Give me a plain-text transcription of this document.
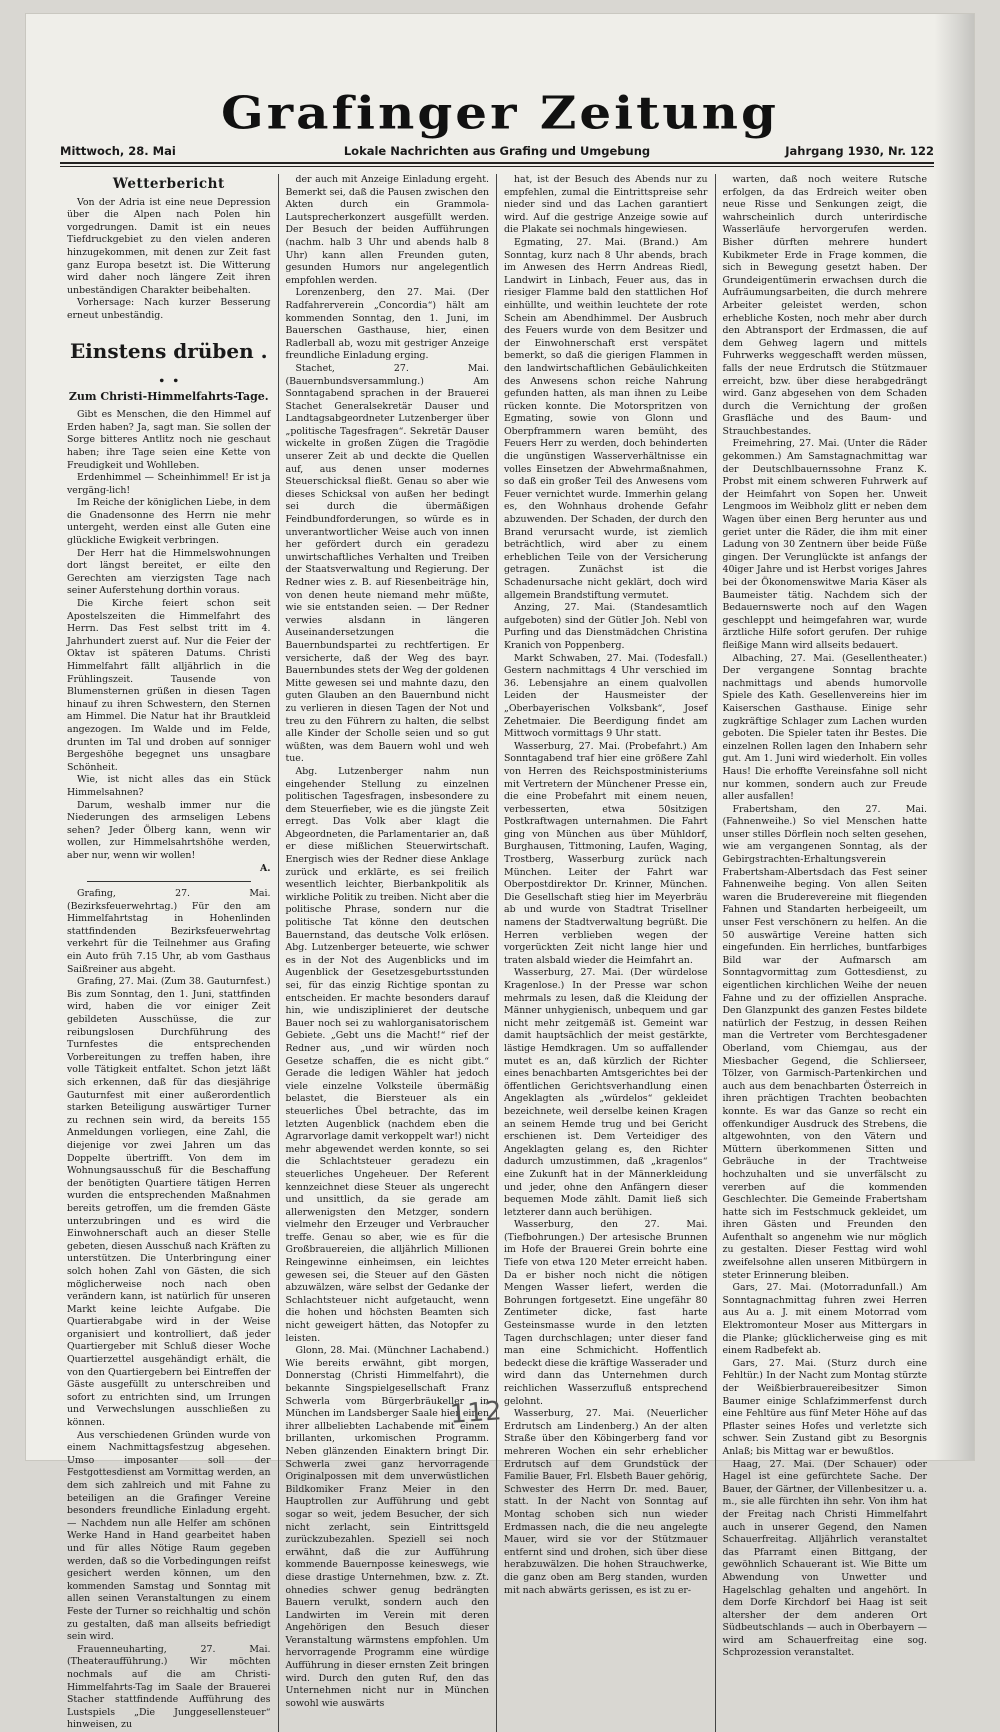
Grafinger Zeitung
Mittwoch, 28. Mai	Lokale Nachrichten aus Grafing und Umgebung	Jahrgang 1930, Nr. 122
Wetterbericht

Von der Adria ist eine neue Depression über die Alpen nach Polen hin vorgedrungen. Damit ist ein neues Tiefdruckgebiet zu den vielen anderen hinzugekommen, mit denen zur Zeit fast ganz Europa besetzt ist. Die Witterung wird daher noch längere Zeit ihren unbeständigen Charakter beibehalten.

Vorhersage: Nach kurzer Besserung erneut unbeständig.

Einstens drüben . . .
Zum Christi-Himmelfahrts-Tage.

Gibt es Menschen, die den Himmel auf Erden haben? Ja, sagt man. Sie sollen der Sorge bitteres Antlitz noch nie geschaut haben; ihre Tage seien eine Kette von Freudigkeit und Wohlleben.

Erdenhimmel — Scheinhimmel! Er ist ja vergäng-lich!

Im Reiche der königlichen Liebe, in dem die Gnadensonne des Herrn nie mehr untergeht, werden einst alle Guten eine glückliche Ewigkeit verbringen.

Der Herr hat die Himmelswohnungen dort längst bereitet, er eilte den Gerechten am vierzigsten Tage nach seiner Auferstehung dorthin voraus.

Die Kirche feiert schon seit Apostelszeiten die Himmelfahrt des Herrn. Das Fest selbst tritt im 4. Jahrhundert zuerst auf. Nur die Feier der Oktav ist späteren Datums. Christi Himmelfahrt fällt alljährlich in die Frühlingszeit. Tausende von Blumensternen grüßen in diesen Tagen hinauf zu ihren Schwestern, den Sternen am Himmel. Die Natur hat ihr Brautkleid angezogen. Im Walde und im Felde, drunten im Tal und droben auf sonniger Bergeshöhe begegnet uns unsagbare Schönheit.

Wie, ist nicht alles das ein Stück Himmelsahnen?

Darum, weshalb immer nur die Niederungen des armseligen Lebens sehen? Jeder Ölberg kann, wenn wir wollen, zur Himmelsahrtshöhe werden, aber nur, wenn wir wollen!

A.

Grafing, 27. Mai. (Bezirksfeuerwehrtag.) Für den am Himmelfahrtstag in Hohenlinden stattfindenden Bezirksfeuerwehrtag verkehrt für die Teilnehmer aus Grafing ein Auto früh 7.15 Uhr, ab vom Gasthaus Saißreiner aus abgeht.

Grafing, 27. Mai. (Zum 38. Gauturnfest.) Bis zum Sonntag, den 1. Juni, stattfinden wird, haben die vor einiger Zeit gebildeten Ausschüsse, die zur reibungslosen Durchführung des Turnfestes die entsprechenden Vorbereitungen zu treffen haben, ihre volle Tätigkeit entfaltet. Schon jetzt läßt sich erkennen, daß für das diesjährige Gauturnfest mit einer außerordentlich starken Beteiligung auswärtiger Turner zu rechnen sein wird, da bereits 155 Anmeldungen vorliegen, eine Zahl, die diejenige vor zwei Jahren um das Doppelte übertrifft. Von dem im Wohnungsausschuß für die Beschaffung der benötigten Quartiere tätigen Herren wurden die entsprechenden Maßnahmen bereits getroffen, um die fremden Gäste unterzubringen und es wird die Einwohnerschaft auch an dieser Stelle gebeten, diesen Ausschuß nach Kräften zu unterstützen. Die Unterbringung einer solch hohen Zahl von Gästen, die sich möglicherweise noch nach oben verändern kann, ist natürlich für unseren Markt keine leichte Aufgabe. Die Quartierabgabe wird in der Weise organisiert und kontrolliert, daß jeder Quartiergeber mit Schluß dieser Woche Quartierzettel ausgehändigt erhält, die von den Quartiergebern bei Eintreffen der Gäste ausgefüllt zu unterschreiben und sofort zu entrichten sind, um Irrungen und Verwechslungen ausschließen zu können.

Aus verschiedenen Gründen wurde von einem Nachmittagsfestzug abgesehen. Umso imposanter soll der Festgottesdienst am Vormittag werden, an dem sich zahlreich und mit Fahne zu beteiligen an die Grafinger Vereine besonders freundliche Einladung ergeht. — Nachdem nun alle Helfer am schönen Werke Hand in Hand gearbeitet haben und für alles Nötige Raum gegeben werden, daß so die Vorbedingungen reifst gesichert werden können, um den kommenden Samstag und Sonntag mit allen seinen Veranstaltungen zu einem Feste der Turner so reichhaltig und schön zu gestalten, daß man allseits befriedigt sein wird.

Frauenneuharting, 27. Mai. (Theateraufführung.) Wir möchten nochmals auf die am Christi-Himmelfahrts-Tag im Saale der Brauerei Stacher stattfindende Aufführung des Lustspiels „Die Junggesellensteuer“ hinweisen, zu

der auch mit Anzeige Einladung ergeht. Bemerkt sei, daß die Pausen zwischen den Akten durch ein Grammola-Lautsprecherkonzert ausgefüllt werden. Der Besuch der beiden Aufführungen (nachm. halb 3 Uhr und abends halb 8 Uhr) kann allen Freunden guten, gesunden Humors nur angelegentlich empfohlen werden.

Lorenzenberg, den 27. Mai. (Der Radfahrerverein „Concordia“) hält am kommenden Sonntag, den 1. Juni, im Bauerschen Gasthause, hier, einen Radlerball ab, wozu mit gestriger Anzeige freundliche Einladung erging.

Stachet, 27. Mai. (Bauernbundsversammlung.) Am Sonntagabend sprachen in der Brauerei Stachet Generalsekretär Dauser und Landtagsabgeordneter Lutzenberger über „politische Tagesfragen“. Sekretär Dauser wickelte in großen Zügen die Tragödie unserer Zeit ab und deckte die Quellen auf, aus denen unser modernes Steuerschicksal fließt. Genau so aber wie dieses Schicksal von außen her bedingt sei durch die übermäßigen Feindbundforderungen, so würde es in unverantwortlicher Weise auch von innen her gefördert durch ein geradezu unwirtschaftliches Verhalten und Treiben der Staatsverwaltung und Regierung. Der Redner wies z. B. auf Riesenbeiträge hin, von denen heute niemand mehr müßte, wie sie entstanden seien. — Der Redner verwies alsdann in längeren Auseinandersetzungen die Bauernbundspartei zu rechtfertigen. Er versicherte, daß der Weg des bayr. Bauernbundes stets der Weg der goldenen Mitte gewesen sei und mahnte dazu, den guten Glauben an den Bauernbund nicht zu verlieren in diesen Tagen der Not und treu zu den Führern zu halten, die selbst alle Kinder der Scholle seien und so gut wüßten, was dem Bauern wohl und weh tue.

Abg. Lutzenberger nahm nun eingehender Stellung zu einzelnen politischen Tagesfragen, insbesondere zu dem Steuerfieber, wie es die jüngste Zeit erregt. Das Volk aber klagt die Abgeordneten, die Parlamentarier an, daß er diese mißlichen Steuerwirtschaft. Energisch wies der Redner diese Anklage zurück und erklärte, es sei freilich wesentlich leichter, Bierbankpolitik als wirkliche Politik zu treiben. Nicht aber die politische Phrase, sondern nur die politische Tat könne den deutschen Bauernstand, das deutsche Volk erlösen. Abg. Lutzenberger beteuerte, wie schwer es in der Not des Augenblicks und im Augenblick der Gesetzesgeburtsstunden sei, für das einzig Richtige spontan zu entscheiden. Er machte besonders darauf hin, wie undisziplinieret der deutsche Bauer noch sei zu wahlorganisatorischem Gebiete. „Gebt uns die Macht!“ rief der Redner aus, „und wir würden noch Gesetze schaffen, die es nicht gibt.“ Gerade die ledigen Wähler hat jedoch viele einzelne Volksteile übermäßig belastet, die Biersteuer als ein steuerliches Übel betrachte, das im letzten Augenblick (nachdem eben die Agrarvorlage damit verkoppelt war!) nicht mehr abgewendet werden konnte, so sei die Schlachtsteuer geradezu ein steuerliches Ungeheuer. Der Referent kennzeichnet diese Steuer als ungerecht und unsittlich, da sie gerade am allerwenigsten den Metzger, sondern vielmehr den Erzeuger und Verbraucher treffe. Genau so aber, wie es für die Großbrauereien, die alljährlich Millionen Reingewinne einheimsen, ein leichtes gewesen sei, die Steuer auf den Gästen abzuwälzen, wäre selbst der Gedanke der Schlachtsteuer nicht aufgetaucht, wenn die hohen und höchsten Beamten sich nicht geweigert hätten, das Notopfer zu leisten.

Glonn, 28. Mai. (Münchner Lachabend.) Wie bereits erwähnt, gibt morgen, Donnerstag (Christi Himmelfahrt), die bekannte Singspielgesellschaft Franz Schwerla vom Bürgerbräukeller in München im Landsberger Saale hier einen ihrer allbeliebten Lachabende mit einem brillanten, urkomischen Programm. Neben glänzenden Einaktern bringt Dir. Schwerla zwei ganz hervorragende Originalpossen mit dem unverwüstlichen Bildkomiker Franz Meier in den Hauptrollen zur Aufführung und gebt sogar so weit, jedem Besucher, der sich nicht zerlacht, sein Eintrittsgeld zurückzubezahlen. Speziell sei noch erwähnt, daß die zur Aufführung kommende Bauernposse keineswegs, wie diese drastige Unternehmen, bzw. z. Zt. ohnedies schwer genug bedrängten Bauern verulkt, sondern auch den Landwirten im Verein mit deren Angehörigen den Besuch dieser Veranstaltung wärmstens empfohlen. Um hervorragende Programm eine würdige Aufführung in dieser ernsten Zeit bringen wird. Durch den guten Ruf, den das Unternehmen nicht nur in München sowohl wie auswärts

hat, ist der Besuch des Abends nur zu empfehlen, zumal die Eintrittspreise sehr nieder sind und das Lachen garantiert wird. Auf die gestrige Anzeige sowie auf die Plakate sei nochmals hingewiesen.

Egmating, 27. Mai. (Brand.) Am Sonntag, kurz nach 8 Uhr abends, brach im Anwesen des Herrn Andreas Riedl, Landwirt in Linbach, Feuer aus, das in riesiger Flamme bald den stattlichen Hof einhüllte, und weithin leuchtete der rote Schein am Abendhimmel. Der Ausbruch des Feuers wurde von dem Besitzer und der Einwohnerschaft erst verspätet bemerkt, so daß die gierigen Flammen in den landwirtschaftlichen Gebäulichkeiten des Anwesens schon reiche Nahrung gefunden hatten, als man ihnen zu Leibe rücken konnte. Die Motorspritzen von Egmating, sowie von Glonn und Oberpframmern waren bemüht, des Feuers Herr zu werden, doch behinderten die ungünstigen Wasserverhältnisse ein volles Einsetzen der Abwehrmaßnahmen, so daß ein großer Teil des Anwesens vom Feuer vernichtet wurde. Immerhin gelang es, den Wohnhaus drohende Gefahr abzuwenden. Der Schaden, der durch den Brand verursacht wurde, ist ziemlich beträchtlich, wird aber zu einem erheblichen Teile von der Versicherung getragen. Zunächst ist die Schadenursache nicht geklärt, doch wird allgemein Brandstiftung vermutet.

Anzing, 27. Mai. (Standesamtlich aufgeboten) sind der Gütler Joh. Nebl von Purfing und das Dienstmädchen Christina Kranich von Poppenberg.

Markt Schwaben, 27. Mai. (Todesfall.) Gestern nachmittags 4 Uhr verschied im 36. Lebensjahre an einem qualvollen Leiden der Hausmeister der „Oberbayerischen Volksbank“, Josef Zehetmaier. Die Beerdigung findet am Mittwoch vormittags 9 Uhr statt.

Wasserburg, 27. Mai. (Probefahrt.) Am Sonntagabend traf hier eine größere Zahl von Herren des Reichspostministeriums mit Vertretern der Münchener Presse ein, die eine Probefahrt mit einem neuen, verbesserten, etwa 50sitzigen Postkraftwagen unternahmen. Die Fahrt ging von München aus über Mühldorf, Burghausen, Tittmoning, Laufen, Waging, Trostberg, Wasserburg zurück nach München. Leiter der Fahrt war Oberpostdirektor Dr. Krinner, München. Die Gesellschaft stieg hier im Meyerbräu ab und wurde von Stadtrat Trisellner namens der Stadtverwaltung begrüßt. Die Herren verblieben wegen der vorgerückten Zeit nicht lange hier und traten alsbald wieder die Heimfahrt an.

Wasserburg, 27. Mai. (Der würdelose Kragenlose.) In der Presse war schon mehrmals zu lesen, daß die Kleidung der Männer unhygienisch, unbequem und gar nicht mehr zeitgemäß ist. Gemeint war damit hauptsächlich der meist gestärkte, lästige Hemdkragen. Um so auffallender mutet es an, daß kürzlich der Richter eines benachbarten Amtsgerichtes bei der öffentlichen Gerichtsverhandlung einen Angeklagten als „würdelos“ gekleidet bezeichnete, weil derselbe keinen Kragen an seinem Hemde trug und bei Gericht erschienen ist. Dem Verteidiger des Angeklagten gelang es, den Richter dadurch umzustimmen, daß „kragenlos“ eine Zukunft hat in der Männerkleidung und jeder, ohne den Anfängern dieser bequemen Mode zählt. Damit ließ sich letzterer dann auch berühigen.

Wasserburg, den 27. Mai. (Tiefbohrungen.) Der artesische Brunnen im Hofe der Brauerei Grein bohrte eine Tiefe von etwa 120 Meter erreicht haben. Da er bisher noch nicht die nötigen Mengen Wasser liefert, werden die Bohrungen fortgesetzt. Eine ungefähr 80 Zentimeter dicke, fast harte Gesteinsmasse wurde in den letzten Tagen durchschlagen; unter dieser fand man eine Schmichicht. Hoffentlich bedeckt diese die kräftige Wasserader und wird dann das Unternehmen durch reichlichen Wasserzufluß entsprechend gelohnt.

Wasserburg, 27. Mai. (Neuerlicher Erdrutsch am Lindenberg.) An der alten Straße über den Köbingerberg fand vor mehreren Wochen ein sehr erheblicher Erdrutsch auf dem Grundstück der Familie Bauer, Frl. Elsbeth Bauer gehörig, Schwester des Herrn Dr. med. Bauer, statt. In der Nacht von Sonntag auf Montag schoben sich nun wieder Erdmassen nach, die die neu angelegte Mauer, wird sie vor der Stützmauer entfernt sind und drohen, sich über diese herabzuwälzen. Die hohen Strauchwerke, die ganz oben am Berg standen, wurden mit nach abwärts gerissen, es ist zu er-

warten, daß noch weitere Rutsche erfolgen, da das Erdreich weiter oben neue Risse und Senkungen zeigt, die wahrscheinlich durch unterirdische Wasserläufe hervorgerufen werden. Bisher dürften mehrere hundert Kubikmeter Erde in Frage kommen, die sich in Bewegung gesetzt haben. Der Grundeigentümerin erwachsen durch die Aufräumungsarbeiten, die durch mehrere Arbeiter geleistet werden, schon erhebliche Kosten, noch mehr aber durch den Abtransport der Erdmassen, die auf dem Gehweg lagern und mittels Fuhrwerks weggeschafft werden müssen, falls der neue Erdrutsch die Stützmauer erreicht, bzw. über diese herabgedrängt wird. Ganz abgesehen von dem Schaden durch die Vernichtung der großen Grasfläche und des Baum- und Strauchbestandes.

Freimehring, 27. Mai. (Unter die Räder gekommen.) Am Samstagnachmittag war der Deutschlbauernssohne Franz K. Probst mit einem schweren Fuhrwerk auf der Heimfahrt von Sopen her. Unweit Lengmoos im Weibholz glitt er neben dem Wagen über einen Berg herunter aus und geriet unter die Räder, die ihm mit einer Ladung von 30 Zentnern über beide Füße gingen. Der Verunglückte ist anfangs der 40iger Jahre und ist Herbst voriges Jahres bei der Ökonomenswitwe Maria Käser als Baumeister tätig. Nachdem sich der Bedauernswerte noch auf den Wagen geschleppt und heimgefahren war, wurde ärztliche Hilfe sofort gerufen. Der ruhige fleißige Mann wird allseits bedauert.

Albaching, 27. Mai. (Gesellentheater.) Der vergangene Sonntag brachte nachmittags und abends humorvolle Spiele des Kath. Gesellenvereins hier im Kaiserschen Gasthause. Einige sehr zugkräftige Schlager zum Lachen wurden geboten. Die Spieler taten ihr Bestes. Die einzelnen Rollen lagen den Inhabern sehr gut. Am 1. Juni wird wiederholt. Ein volles Haus! Die erhoffte Vereinsfahne soll nicht nur kommen, sondern auch zur Freude aller ausfallen!

Frabertsham, den 27. Mai. (Fahnenweihe.) So viel Menschen hatte unser stilles Dörflein noch selten gesehen, wie am vergangenen Sonntag, als der Gebirgstrachten-Erhaltungsverein Frabertsham-Albertsdach das Fest seiner Fahnenweihe beging. Von allen Seiten waren die Bruderevereine mit fliegenden Fahnen und Standarten herbeigeeilt, um unser Fest verschönern zu helfen. An die 50 auswärtige Vereine hatten sich eingefunden. Ein herrliches, buntfarbiges Bild war der Aufmarsch am Sonntagvormittag zum Gottesdienst, zu eigentlichen kirchlichen Weihe der neuen Fahne und zu der offiziellen Ansprache. Den Glanzpunkt des ganzen Festes bildete natürlich der Festzug, in dessen Reihen man die Vertreter vom Berchtesgadener Oberland, vom Chiemgau, aus der Miesbacher Gegend, die Schlierseer, Tölzer, von Garmisch-Partenkirchen und auch aus dem benachbarten Österreich in ihren prächtigen Trachten beobachten konnte. Es war das Ganze so recht ein offenkundiger Ausdruck des Strebens, die altgewohnten, von den Vätern und Müttern überkommenen Sitten und Gebräuche in der Trachtweise hochzuhalten und sie unverfälscht zu vererben auf die kommenden Geschlechter. Die Gemeinde Frabertsham hatte sich im Festschmuck gekleidet, um ihren Gästen und Freunden den Aufenthalt so angenehm wie nur möglich zu gestalten. Dieser Festtag wird wohl zweifelsohne allen unseren Mitbürgern in steter Erinnerung bleiben.

Gars, 27. Mai. (Motorradunfall.) Am Sonntagnachmittag fuhren zwei Herren aus Au a. J. mit einem Motorrad vom Elektromonteur Moser aus Mittergars in die Planke; glücklicherweise ging es mit einem Radbefekt ab.

Gars, 27. Mai. (Sturz durch eine Fehltür.) In der Nacht zum Montag stürzte der Weißbierbrauereibesitzer Simon Baumer einige Schlafzimmerfenst durch eine Fehltüre aus fünf Meter Höhe auf das Pflaster seines Hofes und verletzte sich schwer. Sein Zustand gibt zu Besorgnis Anlaß; bis Mittag war er bewußtlos.

Haag, 27. Mai. (Der Schauer) oder Hagel ist eine gefürchtete Sache. Der Bauer, der Gärtner, der Villenbesitzer u. a. m., sie alle fürchten ihn sehr. Von ihm hat der Freitag nach Christi Himmelfahrt auch in unserer Gegend, den Namen Schauerfreitag. Alljährlich veranstaltet das Pfarramt einen Bittgang, der gewöhnlich Schauerant ist. Wie Bitte um Abwendung von Unwetter und Hagelschlag gehalten und angehört. In dem Dorfe Kirchdorf bei Haag ist seit altersher der dem anderen Ort Südbeutschlands — auch in Oberbayern — wird am Schauerfreitag eine sog. Schprozession veranstaltet.

112
